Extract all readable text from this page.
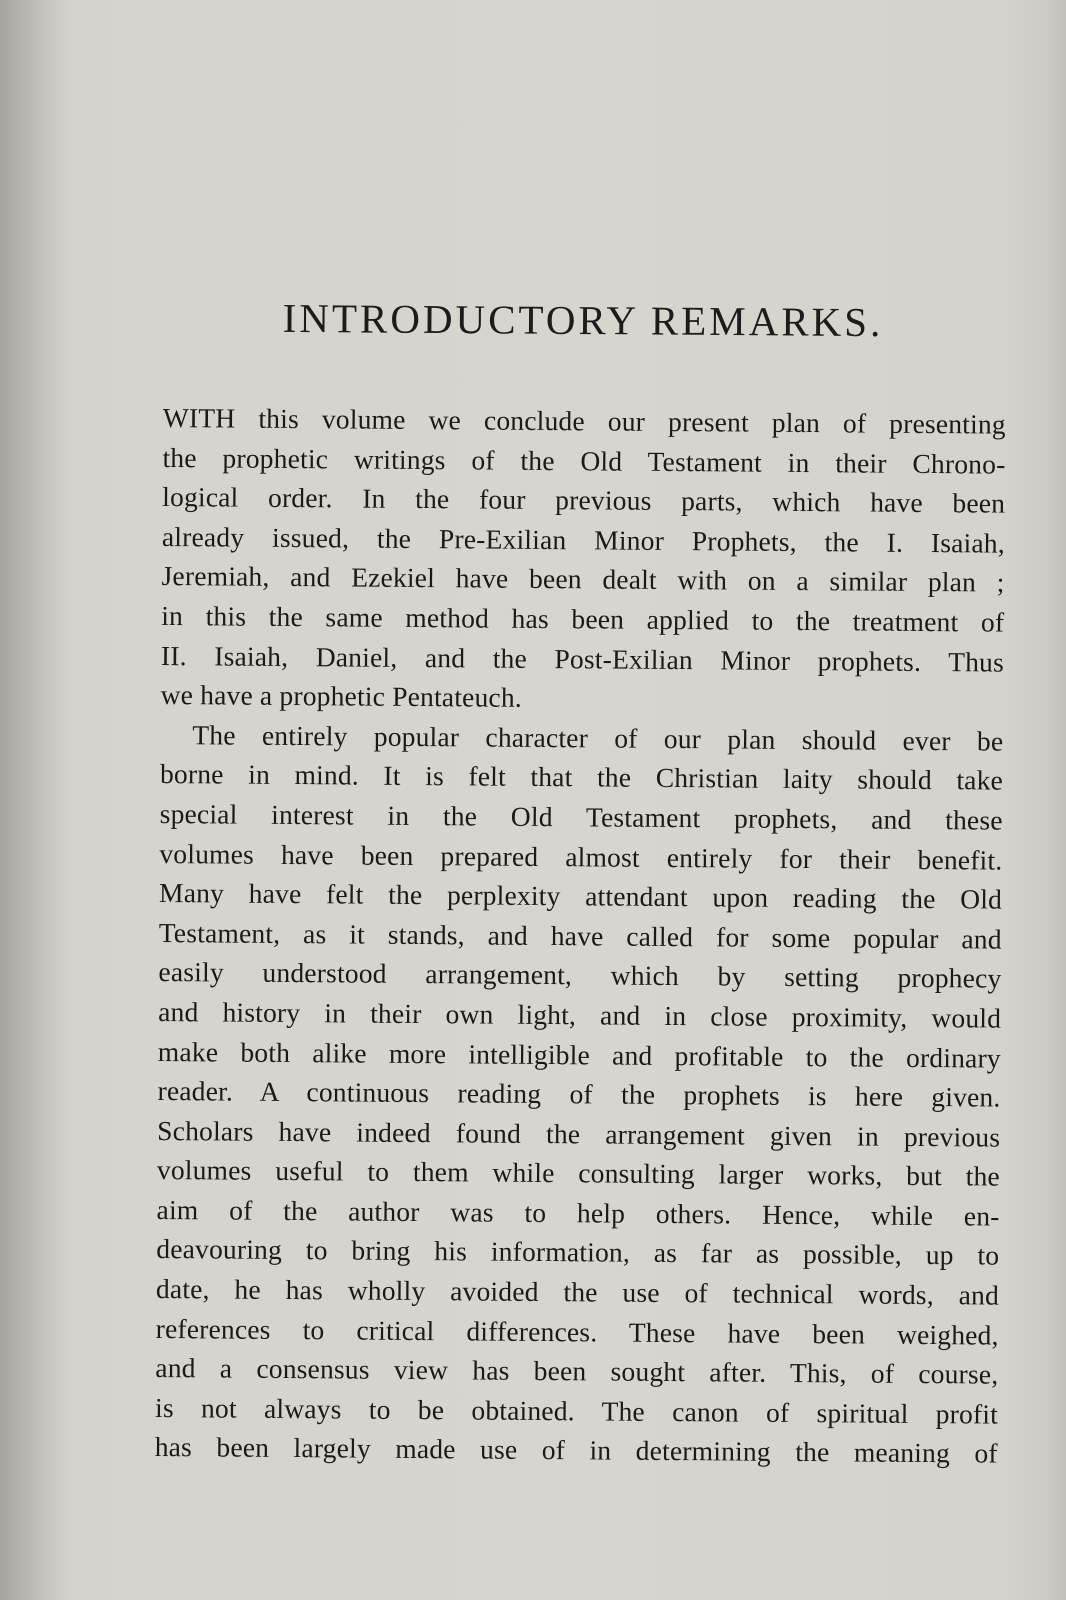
INTRODUCTORY REMARKS.
WITH this volume we conclude our present plan of presenting
the prophetic writings of the Old Testament in their Chrono-
logical order. In the four previous parts, which have been
already issued, the Pre-Exilian Minor Prophets, the I. Isaiah,
Jeremiah, and Ezekiel have been dealt with on a similar plan ;
in this the same method has been applied to the treatment of
II. Isaiah, Daniel, and the Post-Exilian Minor prophets. Thus
we have a prophetic Pentateuch.
The entirely popular character of our plan should ever be
borne in mind. It is felt that the Christian laity should take
special interest in the Old Testament prophets, and these
volumes have been prepared almost entirely for their benefit.
Many have felt the perplexity attendant upon reading the Old
Testament, as it stands, and have called for some popular and
easily understood arrangement, which by setting prophecy
and history in their own light, and in close proximity, would
make both alike more intelligible and profitable to the ordinary
reader. A continuous reading of the prophets is here given.
Scholars have indeed found the arrangement given in previous
volumes useful to them while consulting larger works, but the
aim of the author was to help others. Hence, while en-
deavouring to bring his information, as far as possible, up to
date, he has wholly avoided the use of technical words, and
references to critical differences. These have been weighed,
and a consensus view has been sought after. This, of course,
is not always to be obtained. The canon of spiritual profit
has been largely made use of in determining the meaning of
